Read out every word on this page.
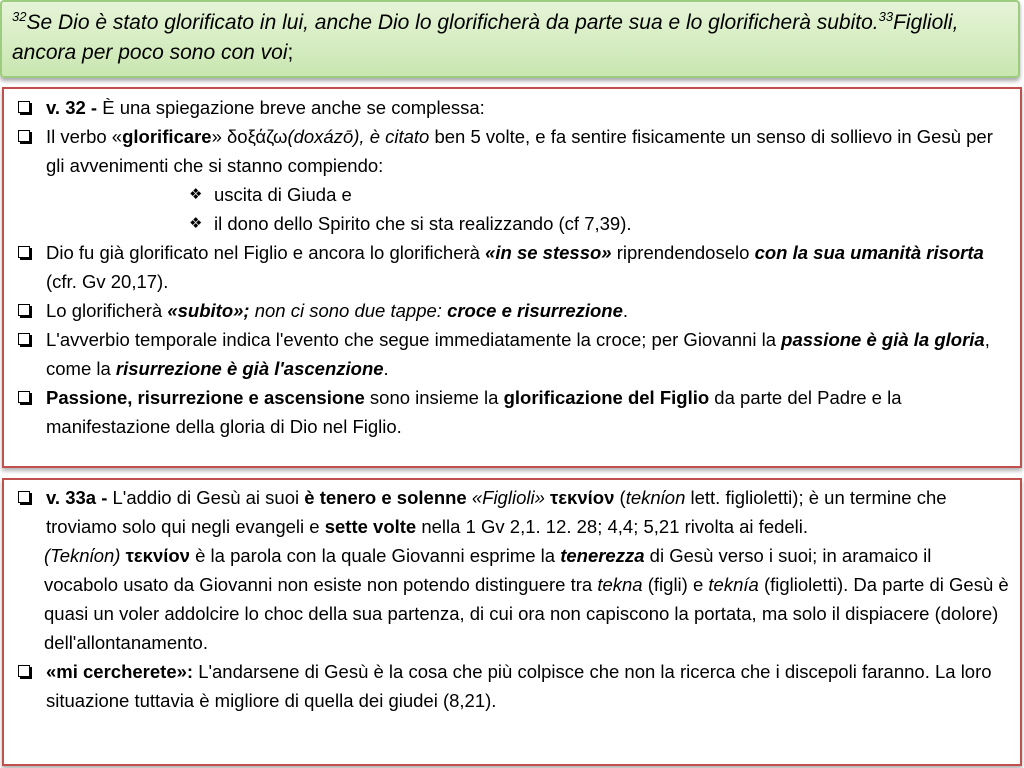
$^{32}$Se Dio è stato glorificato in lui, anche Dio lo glorificherà da parte sua e lo glorificherà subito.$^{33}$Figlioli, ancora per poco sono con voi;
v. 32 - È una spiegazione breve anche se complessa:
Il verbo «glorificare» δοξάζω(doxázō), è citato ben 5 volte, e fa sentire fisicamente un senso di sollievo in Gesù per gli avvenimenti che si stanno compiendo:
❖ uscita di Giuda e
❖ il dono dello Spirito che si sta realizzando (cf 7,39).
Dio fu già glorificato nel Figlio e ancora lo glorificherà «in se stesso» riprendendoselo con la sua umanità risorta (cfr. Gv 20,17).
Lo glorificherà «subito»; non ci sono due tappe: croce e risurrezione.
L'avverbio temporale indica l'evento che segue immediatamente la croce; per Giovanni la passione è già la gloria, come la risurrezione è già l'ascenzione.
Passione, risurrezione e ascensione sono insieme la glorificazione del Figlio da parte del Padre e la manifestazione della gloria di Dio nel Figlio.
v. 33a - L'addio di Gesù ai suoi è tenero e solenne «Figlioli» τεκνίον (teknίon lett. figlioletti); è un termine che troviamo solo qui negli evangeli e sette volte nella 1 Gv 2,1. 12. 28; 4,4; 5,21 rivolta ai fedeli.
(Teknίon) τεκνίον è la parola con la quale Giovanni esprime la tenerezza di Gesù verso i suoi; in aramaico il vocabolo usato da Giovanni non esiste non potendo distinguere tra tekna (figli) e teknía (figlioletti). Da parte di Gesù è quasi un voler addolcire lo choc della sua partenza, di cui ora non capiscono la portata, ma solo il dispiacere (dolore) dell'allontanamento.
«mi cercherete»: L'andarsene di Gesù è la cosa che più colpisce che non la ricerca che i discepoli faranno. La loro situazione tuttavia è migliore di quella dei giudei (8,21).
